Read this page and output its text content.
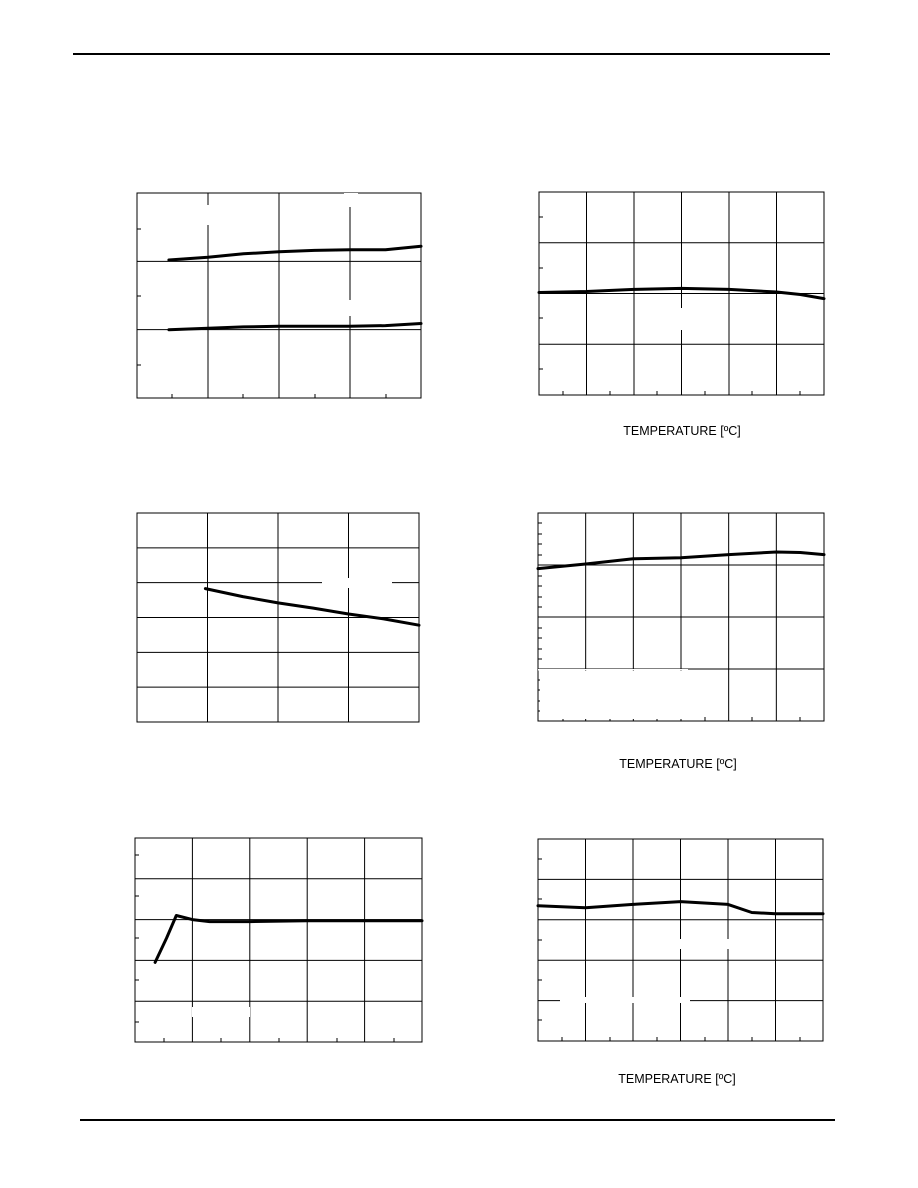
TEMPERATURE [ºC]
TEMPERATURE [ºC]
TEMPERATURE [ºC]
